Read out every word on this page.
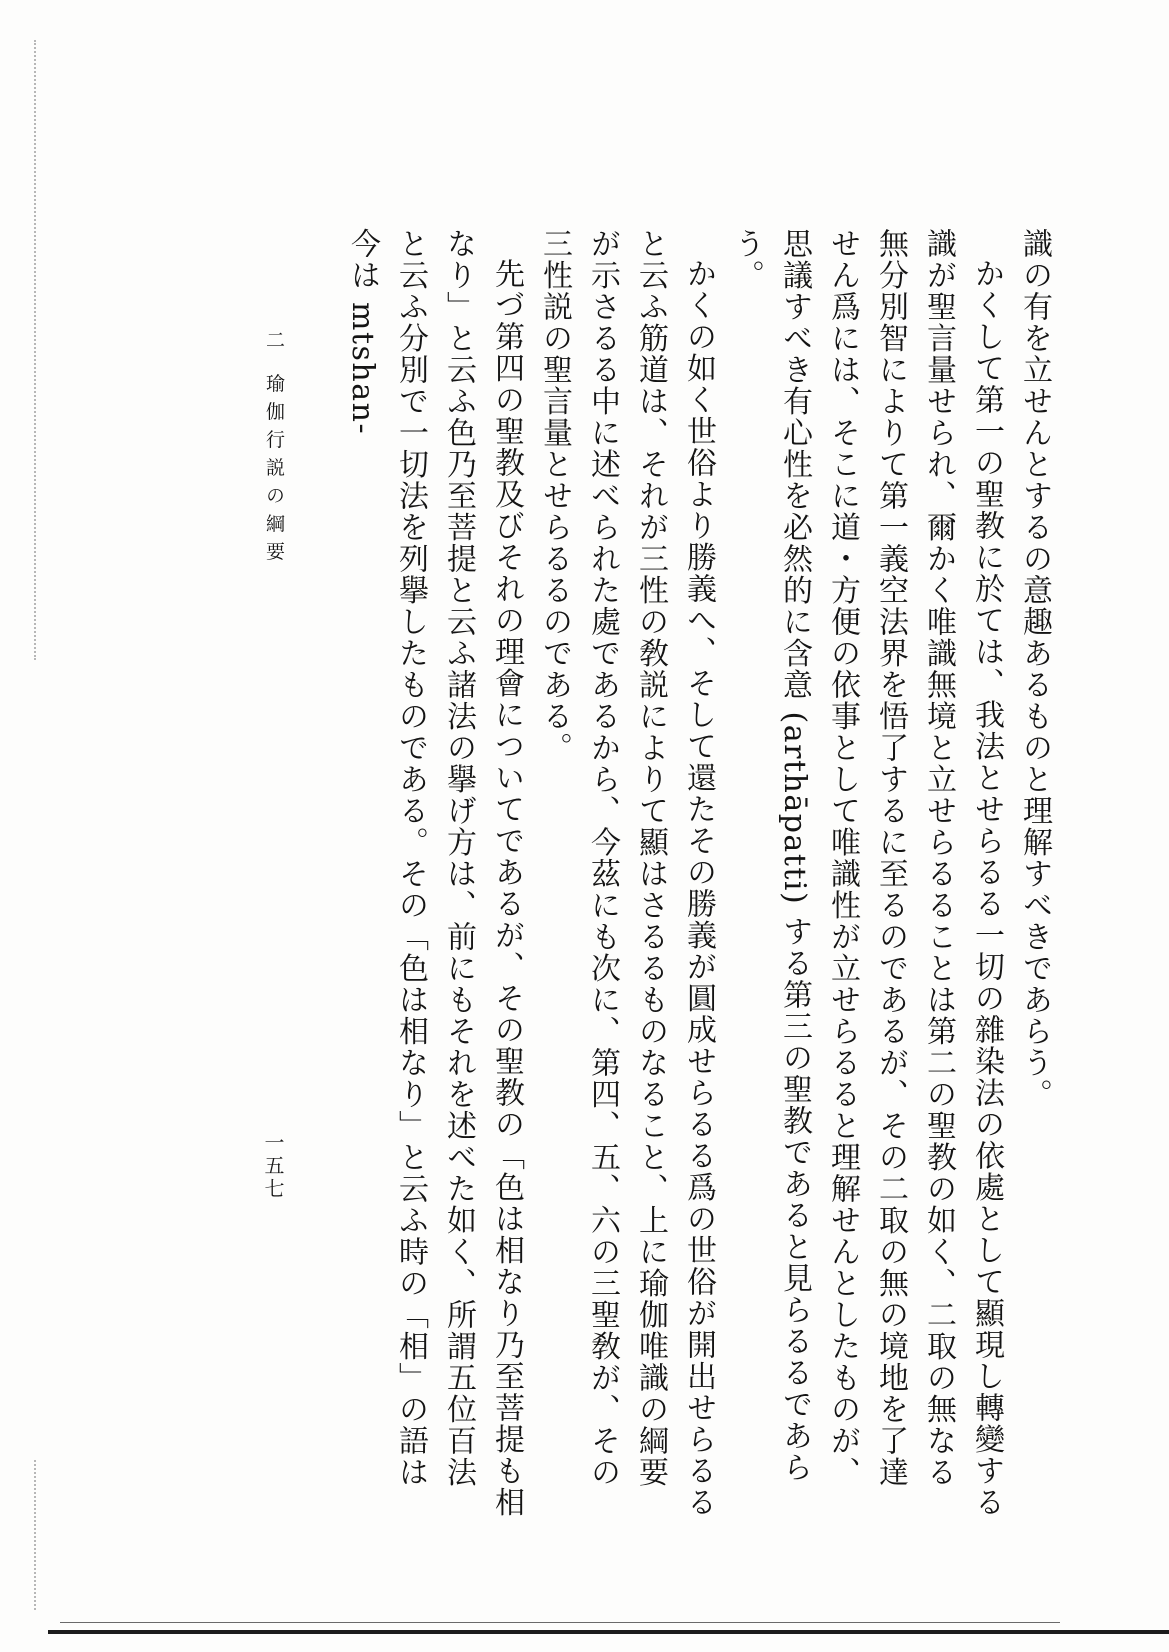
識の有を立せんとするの意趣あるものと理解すべきであらう。

かくして第一の聖教に於ては、我法とせらるる一切の雜染法の依處として顯現し轉變する識が聖言量せられ、爾かく唯識無境と立せらるることは第二の聖教の如く、二取の無なる無分別智によりて第一義空法界を悟了するに至るのであるが、その二取の無の境地を了達せん爲には、そこに道・方便の依事として唯識性が立せらるると理解せんとしたものが、思議すべき有心性を必然的に含意 (arthāpatti) する第三の聖教であると見らるるであらう。

かくの如く世俗より勝義へ、そして還たその勝義が圓成せらるる爲の世俗が開出せらるると云ふ筋道は、それが三性の敎説によりて顯はさるるものなること、上に瑜伽唯識の綱要が示さるる中に述べられた處であるから、今茲にも次に、第四、五、六の三聖敎が、その三性説の聖言量とせらるるのである。

先づ第四の聖教及びそれの理會についてであるが、その聖教の「色は相なり乃至菩提も相なり」と云ふ色乃至菩提と云ふ諸法の擧げ方は、前にもそれを述べた如く、所謂五位百法と云ふ分別で一切法を列擧したものである。その「色は相なり」と云ふ時の「相」の語は今は mtshan-

二 瑜伽行説の綱要
一五七
